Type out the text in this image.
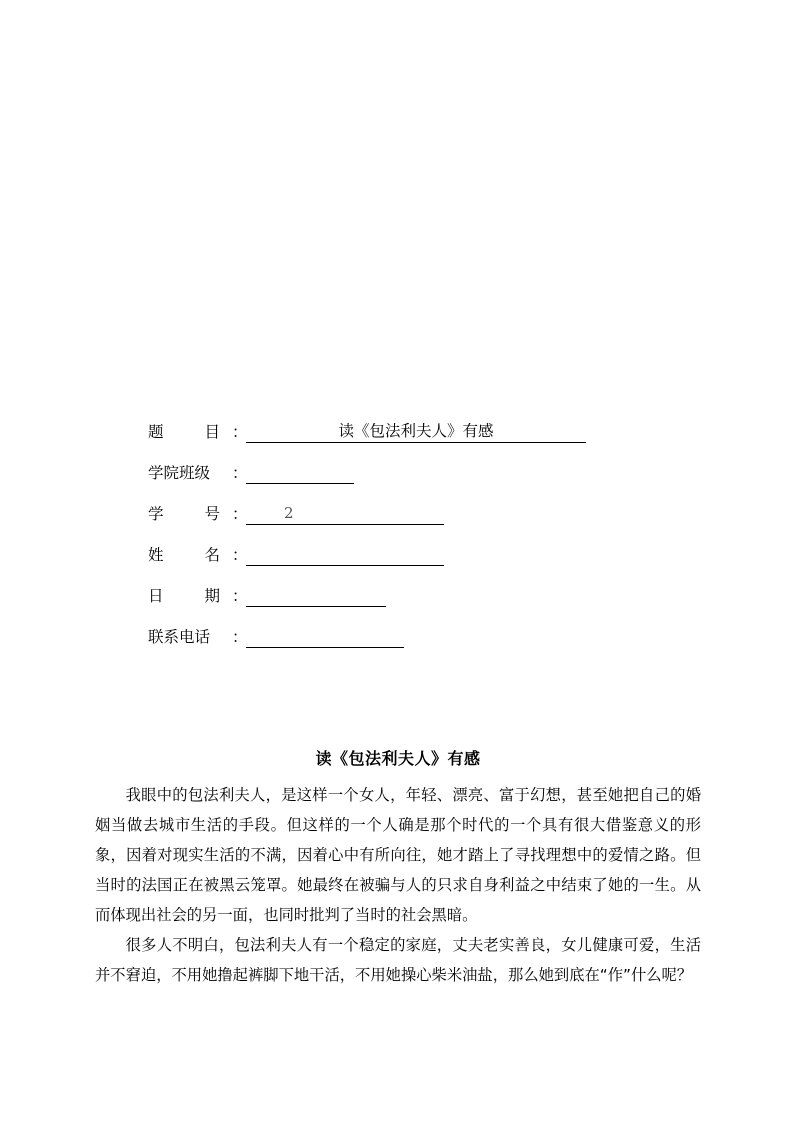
题	目 ：	读《包法利夫人》有感
学院班级 ：
学	号 ： 2
姓	名 ：
日	期 ：
联系电话 ：
读《包法利夫人》有感

我眼中的包法利夫人，是这样一个女人，年轻、漂亮、富于幻想，甚至她把自己的婚姻当做去城市生活的手段。但这样的一个人确是那个时代的一个具有很大借鉴意义的形象，因着对现实生活的不满，因着心中有所向往，她才踏上了寻找理想中的爱情之路。但当时的法国正在被黑云笼罩。她最终在被骗与人的只求自身利益之中结束了她的一生。从而体现出社会的另一面，也同时批判了当时的社会黑暗。

很多人不明白，包法利夫人有一个稳定的家庭，丈夫老实善良，女儿健康可爱，生活并不窘迫，不用她撸起裤脚下地干活，不用她操心柴米油盐，那么她到底在“作”什么呢？
